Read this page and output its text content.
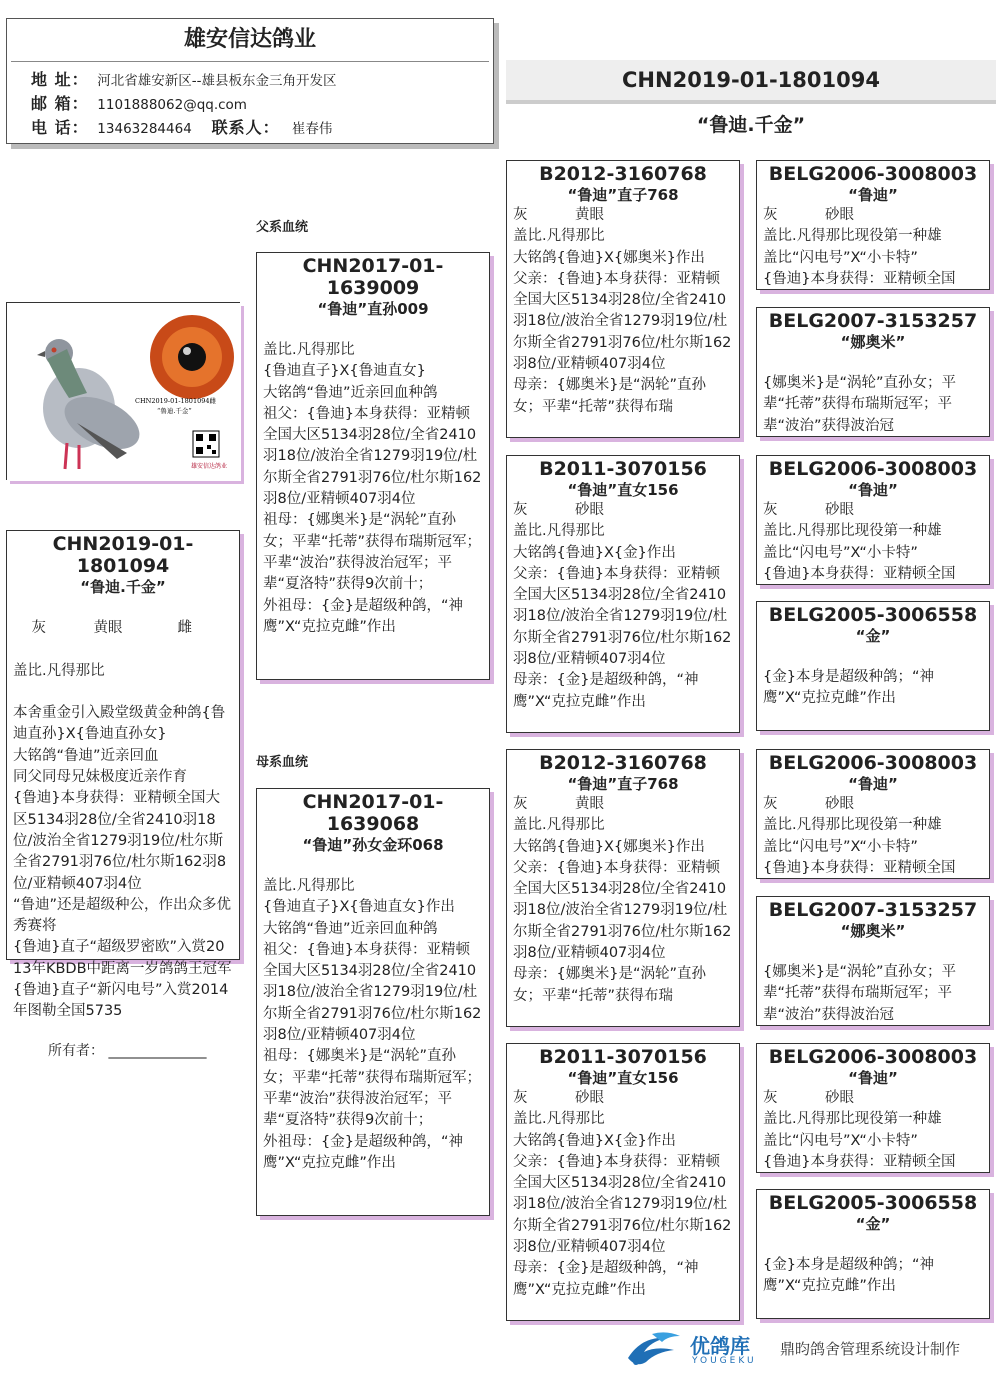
雄安信达鸽业
地 址： 河北省雄安新区--雄县板东金三角开发区
邮 箱： 1101888062@qq.com
电 话： 13463284464 联系人： 崔春伟
CHN2019-01-1801094
“鲁迪.千金”
父系血统
母系血统
CHN2019-01-1801094雌
“鲁迪.千金”
雄安信达鸽业
CHN2019-01-1801094
“鲁迪.千金”

灰	黄眼	雌

盖比.凡得那比
本舍重金引入殿堂级黄金种鸽{鲁迪直孙}X{鲁迪直孙女}
大铭鸽“鲁迪”近亲回血
同父同母兄妹极度近亲作育
{鲁迪}本身获得：亚精顿全国大区5134羽28位/全省2410羽18位/波治全省1279羽19位/杜尔斯全省2791羽76位/杜尔斯162羽8位/亚精顿407羽4位
“鲁迪”还是超级种公，作出众多优秀赛将
{鲁迪}直子“超级罗密欧”入赏2013年KBDB中距离一岁鸽鸽王冠军 {鲁迪}直子“新闪电号”入赏2014年图勒全国5735
所有者： ______________
CHN2017-01-1639009
“鲁迪”直孙009
盖比.凡得那比
{鲁迪直子}X{鲁迪直女}
大铭鸽“鲁迪”近亲回血种鸽
祖父：{鲁迪}本身获得：亚精顿全国大区5134羽28位/全省2410羽18位/波治全省1279羽19位/杜尔斯全省2791羽76位/杜尔斯162羽8位/亚精顿407羽4位
祖母：{娜奥米}是“涡轮”直孙女；平辈“托蒂”获得布瑞斯冠军；平辈“波治”获得波治冠军；平辈“夏洛特”获得9次前十；
外祖母：{金}是超级种鸽，“神鹰”X“克拉克雌”作出
CHN2017-01-1639068
“鲁迪”孙女金环068
盖比.凡得那比
{鲁迪直子}X{鲁迪直女}作出
大铭鸽“鲁迪”近亲回血种鸽
祖父：{鲁迪}本身获得：亚精顿全国大区5134羽28位/全省2410羽18位/波治全省1279羽19位/杜尔斯全省2791羽76位/杜尔斯162羽8位/亚精顿407羽4位
祖母：{娜奥米}是“涡轮”直孙女；平辈“托蒂”获得布瑞斯冠军；平辈“波治”获得波治冠军；平辈“夏洛特”获得9次前十；
外祖母：{金}是超级种鸽，“神鹰”X“克拉克雌”作出
B2012-3160768
“鲁迪”直子768
灰	黄眼
盖比.凡得那比
大铭鸽{鲁迪}X{娜奥米}作出
父亲：{鲁迪}本身获得：亚精顿全国大区5134羽28位/全省2410羽18位/波治全省1279羽19位/杜尔斯全省2791羽76位/杜尔斯162羽8位/亚精顿407羽4位
母亲：{娜奥米}是“涡轮”直孙女；平辈“托蒂”获得布瑞
B2011-3070156
“鲁迪”直女156
灰	砂眼
盖比.凡得那比
大铭鸽{鲁迪}X{金}作出
父亲：{鲁迪}本身获得：亚精顿全国大区5134羽28位/全省2410羽18位/波治全省1279羽19位/杜尔斯全省2791羽76位/杜尔斯162羽8位/亚精顿407羽4位
母亲：{金}是超级种鸽，“神鹰”X“克拉克雌”作出
B2012-3160768
“鲁迪”直子768
灰	黄眼
盖比.凡得那比
大铭鸽{鲁迪}X{娜奥米}作出
父亲：{鲁迪}本身获得：亚精顿全国大区5134羽28位/全省2410羽18位/波治全省1279羽19位/杜尔斯全省2791羽76位/杜尔斯162羽8位/亚精顿407羽4位
母亲：{娜奥米}是“涡轮”直孙女；平辈“托蒂”获得布瑞
B2011-3070156
“鲁迪”直女156
灰	砂眼
盖比.凡得那比
大铭鸽{鲁迪}X{金}作出
父亲：{鲁迪}本身获得：亚精顿全国大区5134羽28位/全省2410羽18位/波治全省1279羽19位/杜尔斯全省2791羽76位/杜尔斯162羽8位/亚精顿407羽4位
母亲：{金}是超级种鸽，“神鹰”X“克拉克雌”作出
BELG2006-3008003
“鲁迪”
灰	砂眼
盖比.凡得那比现役第一种雄
盖比“闪电号”X“小卡特”
{鲁迪}本身获得：亚精顿全国
BELG2007-3153257
“娜奥米”
{娜奥米}是“涡轮”直孙女；平辈“托蒂”获得布瑞斯冠军；平辈“波治”获得波治冠
BELG2006-3008003
“鲁迪”
灰	砂眼
盖比.凡得那比现役第一种雄
盖比“闪电号”X“小卡特”
{鲁迪}本身获得：亚精顿全国
BELG2005-3006558
“金”
{金}本身是超级种鸽；“神鹰”X“克拉克雌”作出
BELG2006-3008003
“鲁迪”
灰	砂眼
盖比.凡得那比现役第一种雄
盖比“闪电号”X“小卡特”
{鲁迪}本身获得：亚精顿全国
BELG2007-3153257
“娜奥米”
{娜奥米}是“涡轮”直孙女；平辈“托蒂”获得布瑞斯冠军；平辈“波治”获得波治冠
BELG2006-3008003
“鲁迪”
灰	砂眼
盖比.凡得那比现役第一种雄
盖比“闪电号”X“小卡特”
{鲁迪}本身获得：亚精顿全国
BELG2005-3006558
“金”
{金}本身是超级种鸽；“神鹰”X“克拉克雌”作出
优鸽库
YOUGEKU
鼎昀鸽舍管理系统设计制作
